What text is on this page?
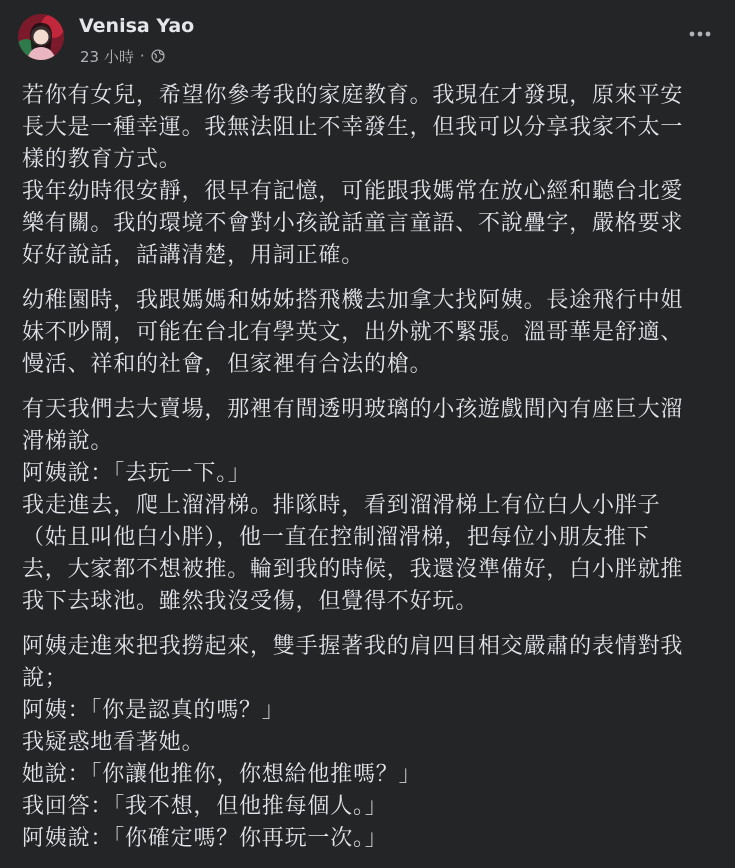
Venisa Yao
23 小時 ·
若你有女兒，希望你參考我的家庭教育。我現在才發現，原來平安
長大是一種幸運。我無法阻止不幸發生，但我可以分享我家不太一
樣的教育方式。
我年幼時很安靜，很早有記憶，可能跟我媽常在放心經和聽台北愛
樂有關。我的環境不會對小孩說話童言童語、不說疊字，嚴格要求
好好說話，話講清楚，用詞正確。
幼稚園時，我跟媽媽和姊姊搭飛機去加拿大找阿姨。長途飛行中姐
妹不吵鬧，可能在台北有學英文，出外就不緊張。溫哥華是舒適、
慢活、祥和的社會，但家裡有合法的槍。
有天我們去大賣場，那裡有間透明玻璃的小孩遊戲間內有座巨大溜
滑梯說。
阿姨說：「去玩一下。」
我走進去，爬上溜滑梯。排隊時，看到溜滑梯上有位白人小胖子
（姑且叫他白小胖），他一直在控制溜滑梯，把每位小朋友推下
去，大家都不想被推。輪到我的時候，我還沒準備好，白小胖就推
我下去球池。雖然我沒受傷，但覺得不好玩。
阿姨走進來把我撈起來，雙手握著我的肩四目相交嚴肅的表情對我
說；
阿姨：「你是認真的嗎？」
我疑惑地看著她。
她說：「你讓他推你，你想給他推嗎？」
我回答：「我不想，但他推每個人。」
阿姨說：「你確定嗎？你再玩一次。」
